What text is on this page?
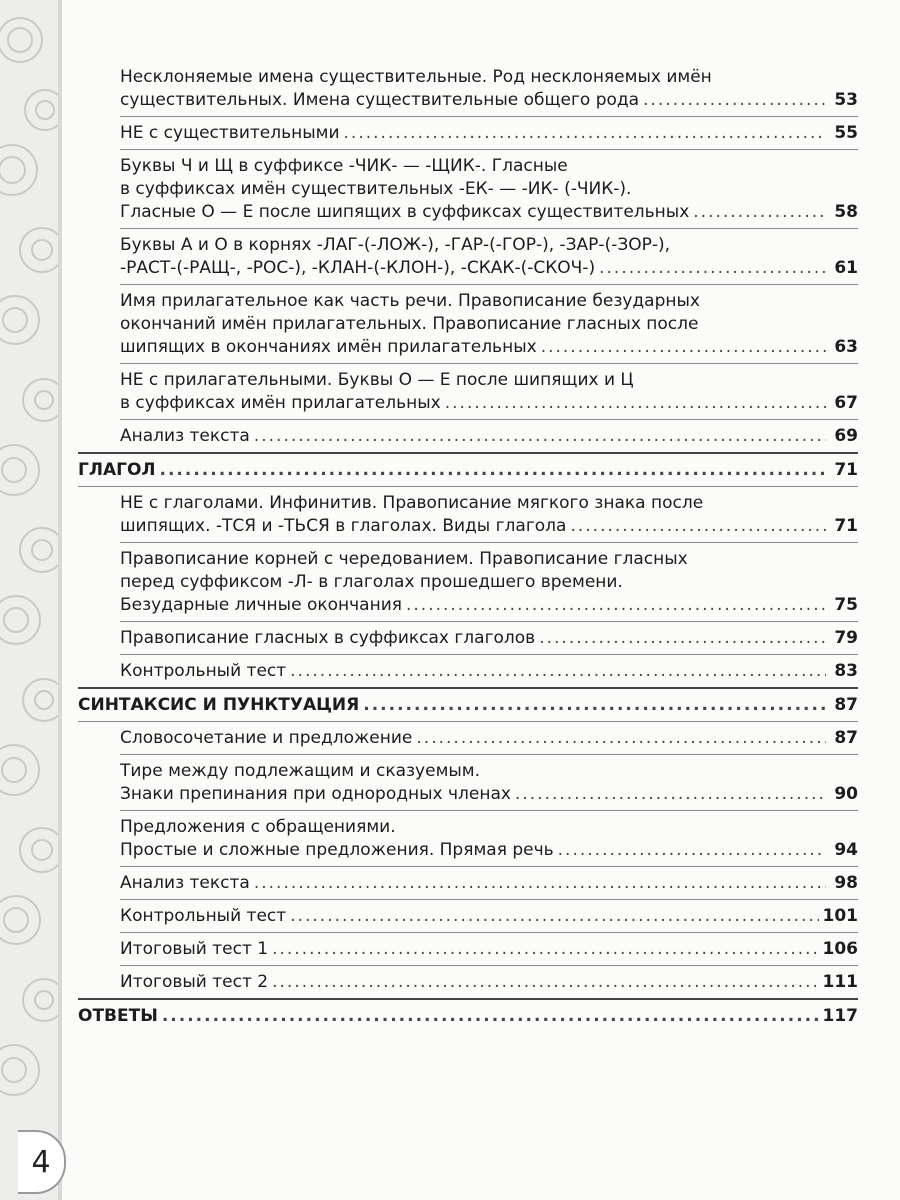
4
Несклоняемые имена существительные. Род несклоняемых имён
существительных. Имена существительные общего рода .....	53
НЕ с существительными .....	55
Буквы Ч и Щ в суффиксе -ЧИК- — -ЩИК-. Гласные
в суффиксах имён существительных -ЕК- — -ИК- (-ЧИК-).
Гласные О — Е после шипящих в суффиксах существительных .....	58
Буквы А и О в корнях -ЛАГ-(-ЛОЖ-), -ГАР-(-ГОР-), -ЗАР-(-ЗОР-),
-РАСТ-(-РАЩ-, -РОС-), -КЛАН-(-КЛОН-), -СКАК-(-СКОЧ-) .....	61
Имя прилагательное как часть речи. Правописание безударных
окончаний имён прилагательных. Правописание гласных после
шипящих в окончаниях имён прилагательных .....	63
НЕ с прилагательными. Буквы О — Е после шипящих и Ц
в суффиксах имён прилагательных .....	67
Анализ текста .....	69
ГЛАГОЛ .....	71
НЕ с глаголами. Инфинитив. Правописание мягкого знака после
шипящих. -ТСЯ и -ТЬСЯ в глаголах. Виды глагола .....	71
Правописание корней с чередованием. Правописание гласных
перед суффиксом -Л- в глаголах прошедшего времени.
Безударные личные окончания .....	75
Правописание гласных в суффиксах глаголов .....	79
Контрольный тест .....	83
СИНТАКСИС И ПУНКТУАЦИЯ .....	87
Словосочетание и предложение .....	87
Тире между подлежащим и сказуемым.
Знаки препинания при однородных членах .....	90
Предложения с обращениями.
Простые и сложные предложения. Прямая речь .....	94
Анализ текста .....	98
Контрольный тест .....	101
Итоговый тест 1 .....	106
Итоговый тест 2 .....	111
ОТВЕТЫ .....	117
